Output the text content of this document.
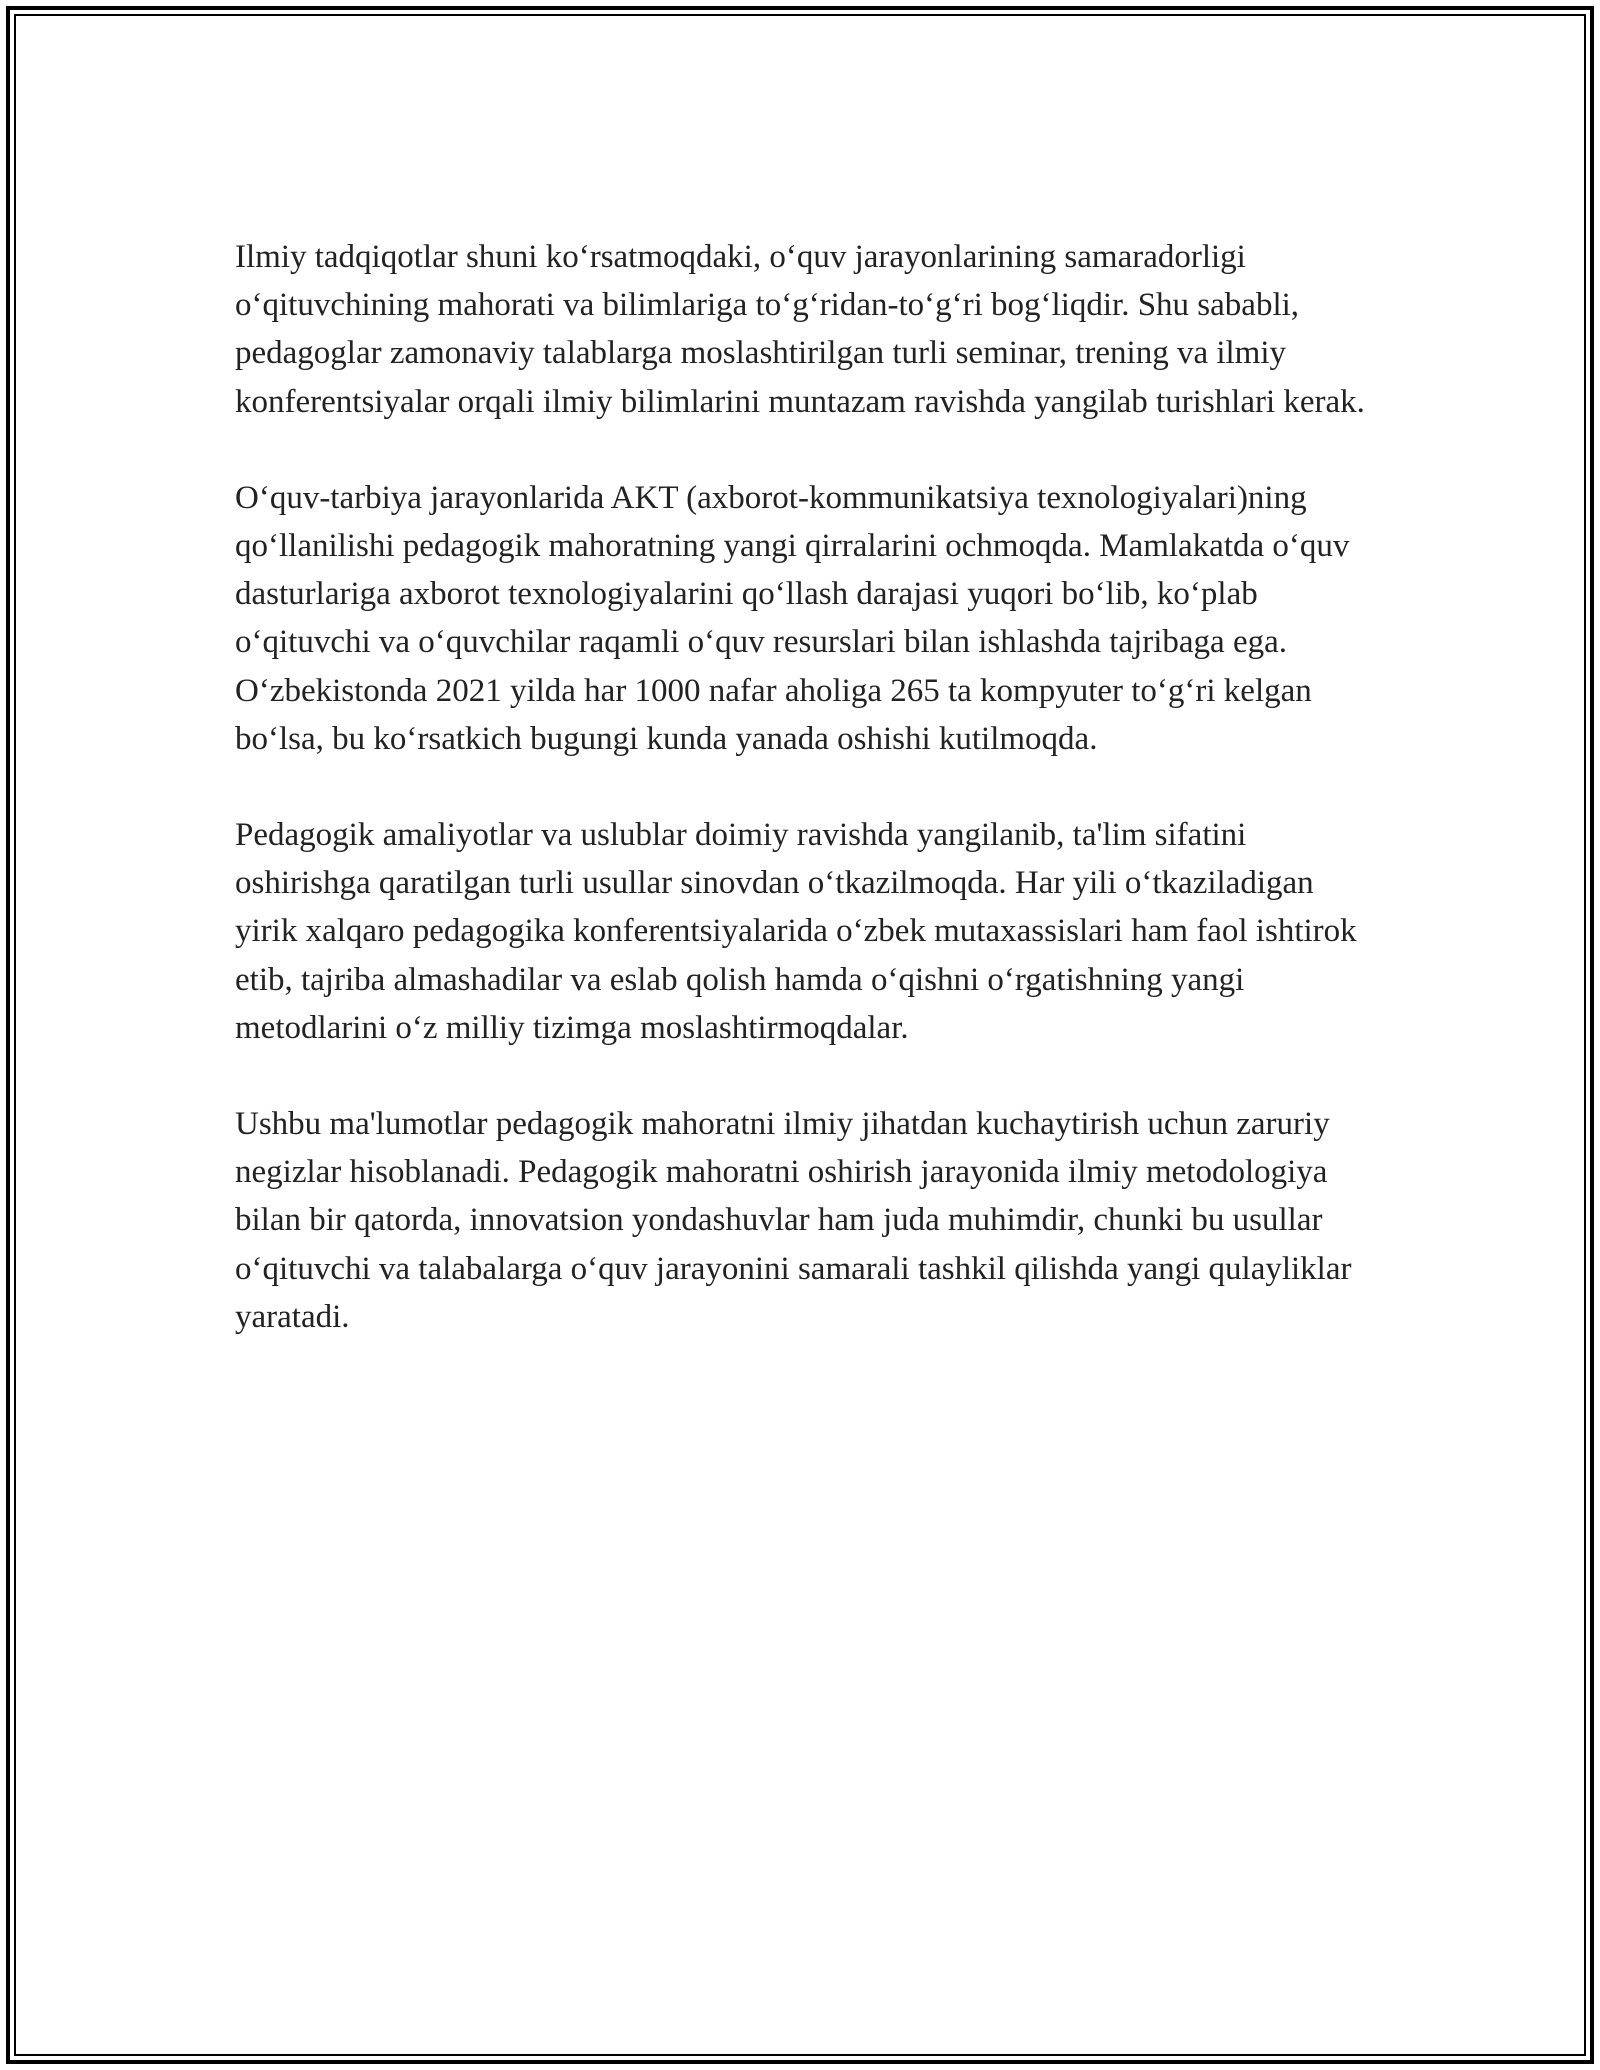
Ilmiy tadqiqotlar shuni koʻrsatmoqdaki, oʻquv jarayonlarining samaradorligi oʻqituvchining mahorati va bilimlariga toʻgʻridan-toʻgʻri bogʻliqdir. Shu sababli, pedagoglar zamonaviy talablarga moslashtirilgan turli seminar, trening va ilmiy konferentsiyalar orqali ilmiy bilimlarini muntazam ravishda yangilab turishlari kerak.

Oʻquv-tarbiya jarayonlarida AKT (axborot-kommunikatsiya texnologiyalari)ning qoʻllanilishi pedagogik mahoratning yangi qirralarini ochmoqda. Mamlakatda oʻquv dasturlariga axborot texnologiyalarini qoʻllash darajasi yuqori boʻlib, koʻplab oʻqituvchi va oʻquvchilar raqamli oʻquv resurslari bilan ishlashda tajribaga ega. Oʻzbekistonda 2021 yilda har 1000 nafar aholiga 265 ta kompyuter toʻgʻri kelgan boʻlsa, bu koʻrsatkich bugungi kunda yanada oshishi kutilmoqda.

Pedagogik amaliyotlar va uslublar doimiy ravishda yangilanib, ta'lim sifatini oshirishga qaratilgan turli usullar sinovdan oʻtkazilmoqda. Har yili oʻtkaziladigan yirik xalqaro pedagogika konferentsiyalarida oʻzbek mutaxassislari ham faol ishtirok etib, tajriba almashadilar va eslab qolish hamda oʻqishni oʻrgatishning yangi metodlarini oʻz milliy tizimga moslashtirmoqdalar.

Ushbu ma'lumotlar pedagogik mahoratni ilmiy jihatdan kuchaytirish uchun zaruriy negizlar hisoblanadi. Pedagogik mahoratni oshirish jarayonida ilmiy metodologiya bilan bir qatorda, innovatsion yondashuvlar ham juda muhimdir, chunki bu usullar oʻqituvchi va talabalarga oʻquv jarayonini samarali tashkil qilishda yangi qulayliklar yaratadi.
